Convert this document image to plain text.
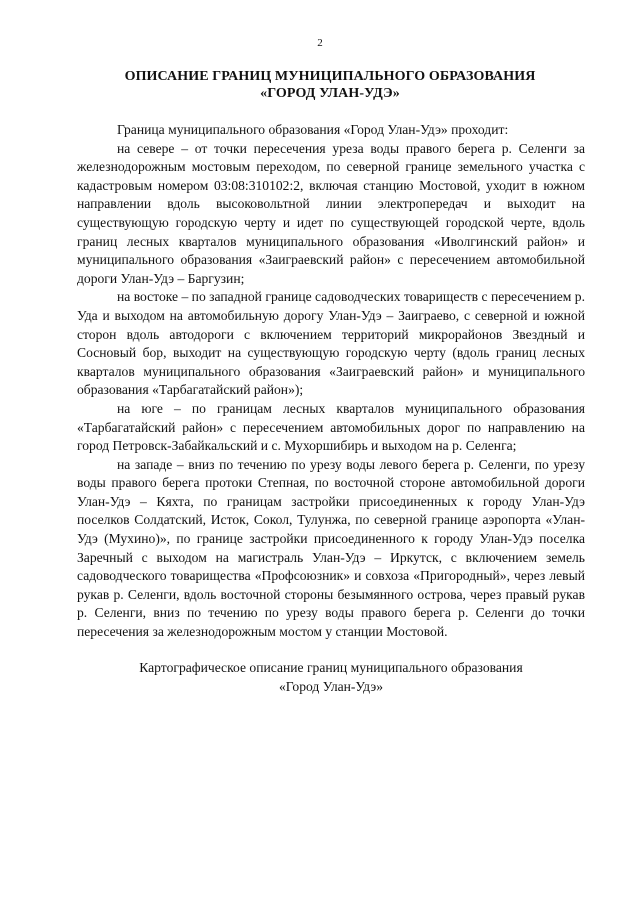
2
ОПИСАНИЕ ГРАНИЦ МУНИЦИПАЛЬНОГО ОБРАЗОВАНИЯ
«ГОРОД УЛАН-УДЭ»

Граница муниципального образования «Город Улан-Удэ» проходит:

на севере – от точки пересечения уреза воды правого берега р. Селенги за железнодорожным мостовым переходом, по северной границе земельного участка с кадастровым номером 03:08:310102:2, включая станцию Мостовой, уходит в южном направлении вдоль высоковольтной линии электропередач и выходит на существующую городскую черту и идет по существующей городской черте, вдоль границ лесных кварталов муниципального образования «Иволгинский район» и муниципального образования «Заиграевский район» с пересечением автомобильной дороги Улан-Удэ – Баргузин;

на востоке – по западной границе садоводческих товариществ с пересечением р. Уда и выходом на автомобильную дорогу Улан-Удэ – Заиграево, с северной и южной сторон вдоль автодороги с включением территорий микрорайонов Звездный и Сосновый бор, выходит на существующую городскую черту (вдоль границ лесных кварталов муниципального образования «Заиграевский район» и муниципального образования «Тарбагатайский район»);

на юге – по границам лесных кварталов муниципального образования «Тарбагатайский район» с пересечением автомобильных дорог по направлению на город Петровск-Забайкальский и с. Мухоршибирь и выходом на р. Селенга;

на западе – вниз по течению по урезу воды левого берега р. Селенги, по урезу воды правого берега протоки Степная, по восточной стороне автомобильной дороги Улан-Удэ – Кяхта, по границам застройки присоединенных к городу Улан-Удэ поселков Солдатский, Исток, Сокол, Тулунжа, по северной границе аэропорта «Улан-Удэ (Мухино)», по границе застройки присоединенного к городу Улан-Удэ поселка Заречный с выходом на магистраль Улан-Удэ – Иркутск, с включением земель садоводческого товарищества «Профсоюзник» и совхоза «Пригородный», через левый рукав р. Селенги, вдоль восточной стороны безымянного острова, через правый рукав р. Селенги, вниз по течению по урезу воды правого берега р. Селенги до точки пересечения за железнодорожным мостом у станции Мостовой.

Картографическое описание границ муниципального образования
«Город Улан-Удэ»
